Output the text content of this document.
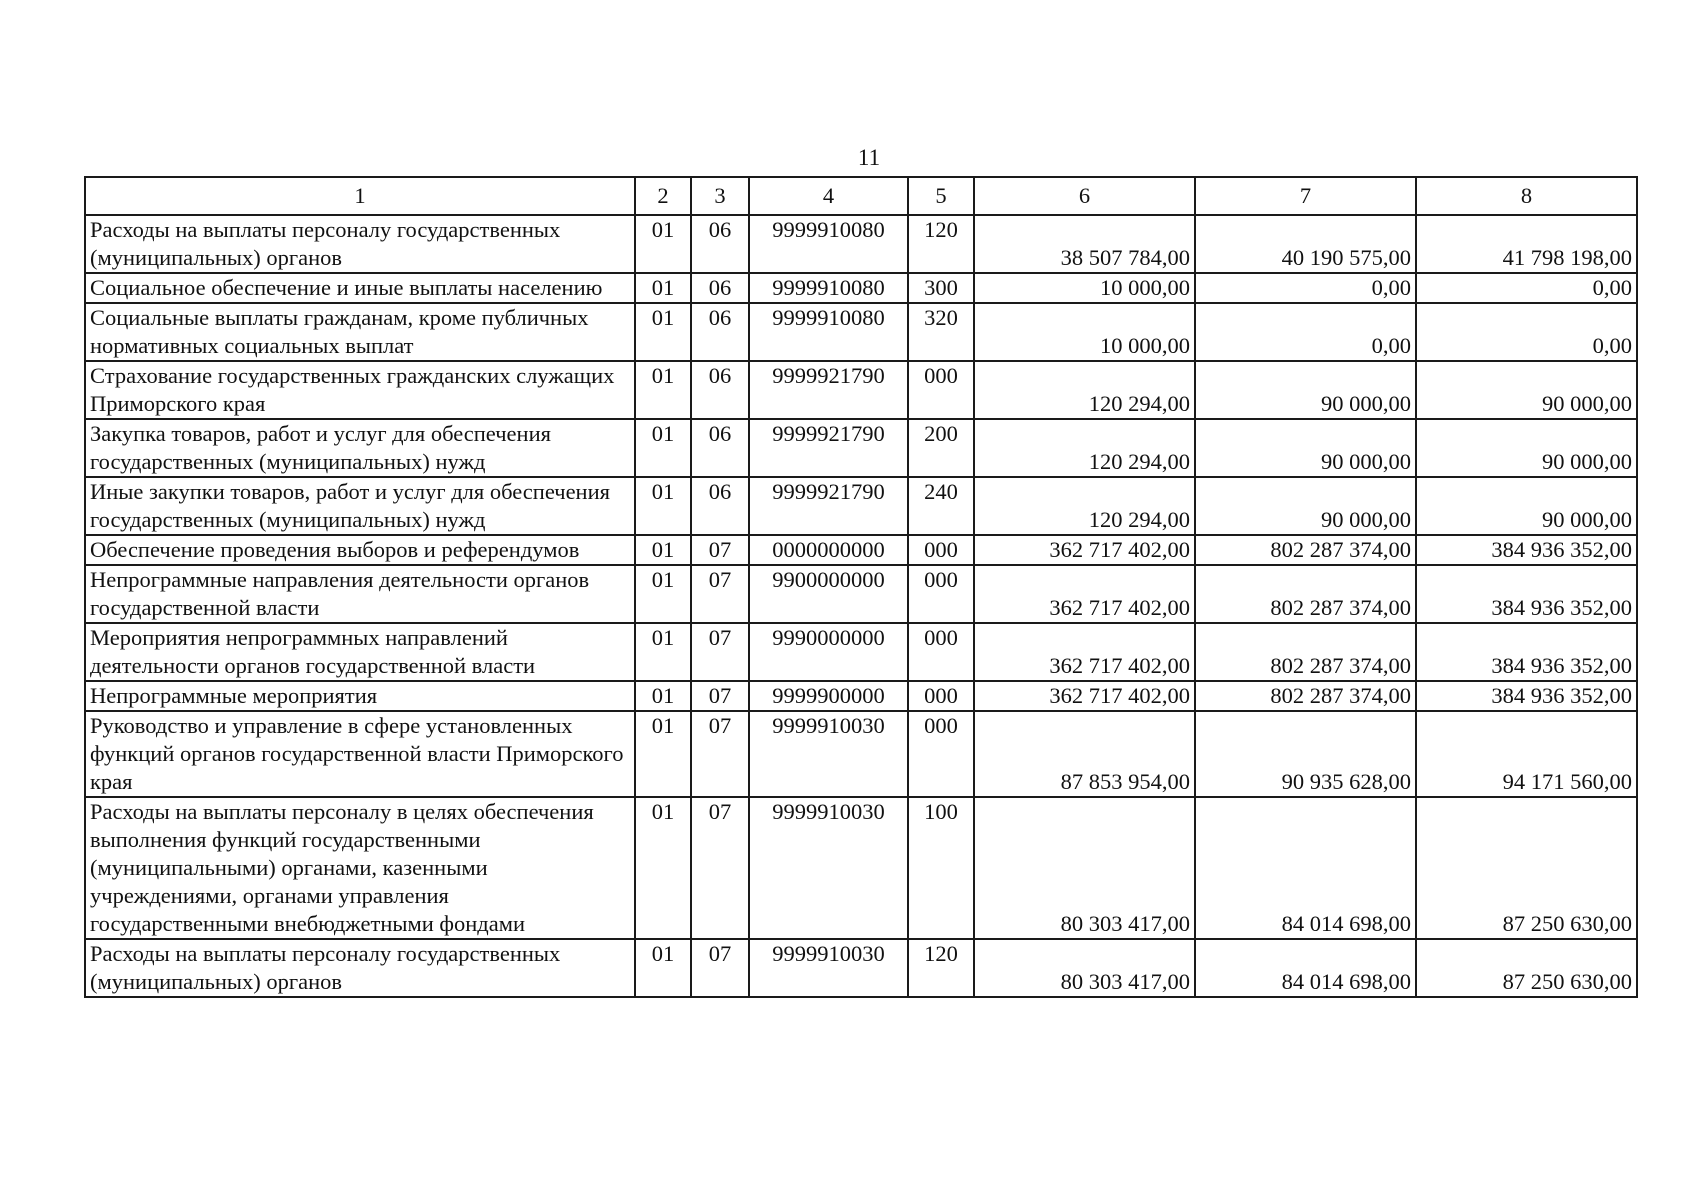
11
1	2	3	4	5	6	7	8
Расходы на выплаты персоналу государственных (муниципальных) органов	01	06	9999910080	120	38 507 784,00	40 190 575,00	41 798 198,00
Социальное обеспечение и иные выплаты населению	01	06	9999910080	300	10 000,00	0,00	0,00
Социальные выплаты гражданам, кроме публичных нормативных социальных выплат	01	06	9999910080	320	10 000,00	0,00	0,00
Страхование государственных гражданских служащих Приморского края	01	06	9999921790	000	120 294,00	90 000,00	90 000,00
Закупка товаров, работ и услуг для обеспечения государственных (муниципальных) нужд	01	06	9999921790	200	120 294,00	90 000,00	90 000,00
Иные закупки товаров, работ и услуг для обеспечения государственных (муниципальных) нужд	01	06	9999921790	240	120 294,00	90 000,00	90 000,00
Обеспечение проведения выборов и референдумов	01	07	0000000000	000	362 717 402,00	802 287 374,00	384 936 352,00
Непрограммные направления деятельности органов государственной власти	01	07	9900000000	000	362 717 402,00	802 287 374,00	384 936 352,00
Мероприятия непрограммных направлений деятельности органов государственной власти	01	07	9990000000	000	362 717 402,00	802 287 374,00	384 936 352,00
Непрограммные мероприятия	01	07	9999900000	000	362 717 402,00	802 287 374,00	384 936 352,00
Руководство и управление в сфере установленных функций органов государственной власти Приморского края	01	07	9999910030	000	87 853 954,00	90 935 628,00	94 171 560,00
Расходы на выплаты персоналу в целях обеспечения выполнения функций государственными (муниципальными) органами, казенными учреждениями, органами управления государственными внебюджетными фондами	01	07	9999910030	100	80 303 417,00	84 014 698,00	87 250 630,00
Расходы на выплаты персоналу государственных (муниципальных) органов	01	07	9999910030	120	80 303 417,00	84 014 698,00	87 250 630,00
